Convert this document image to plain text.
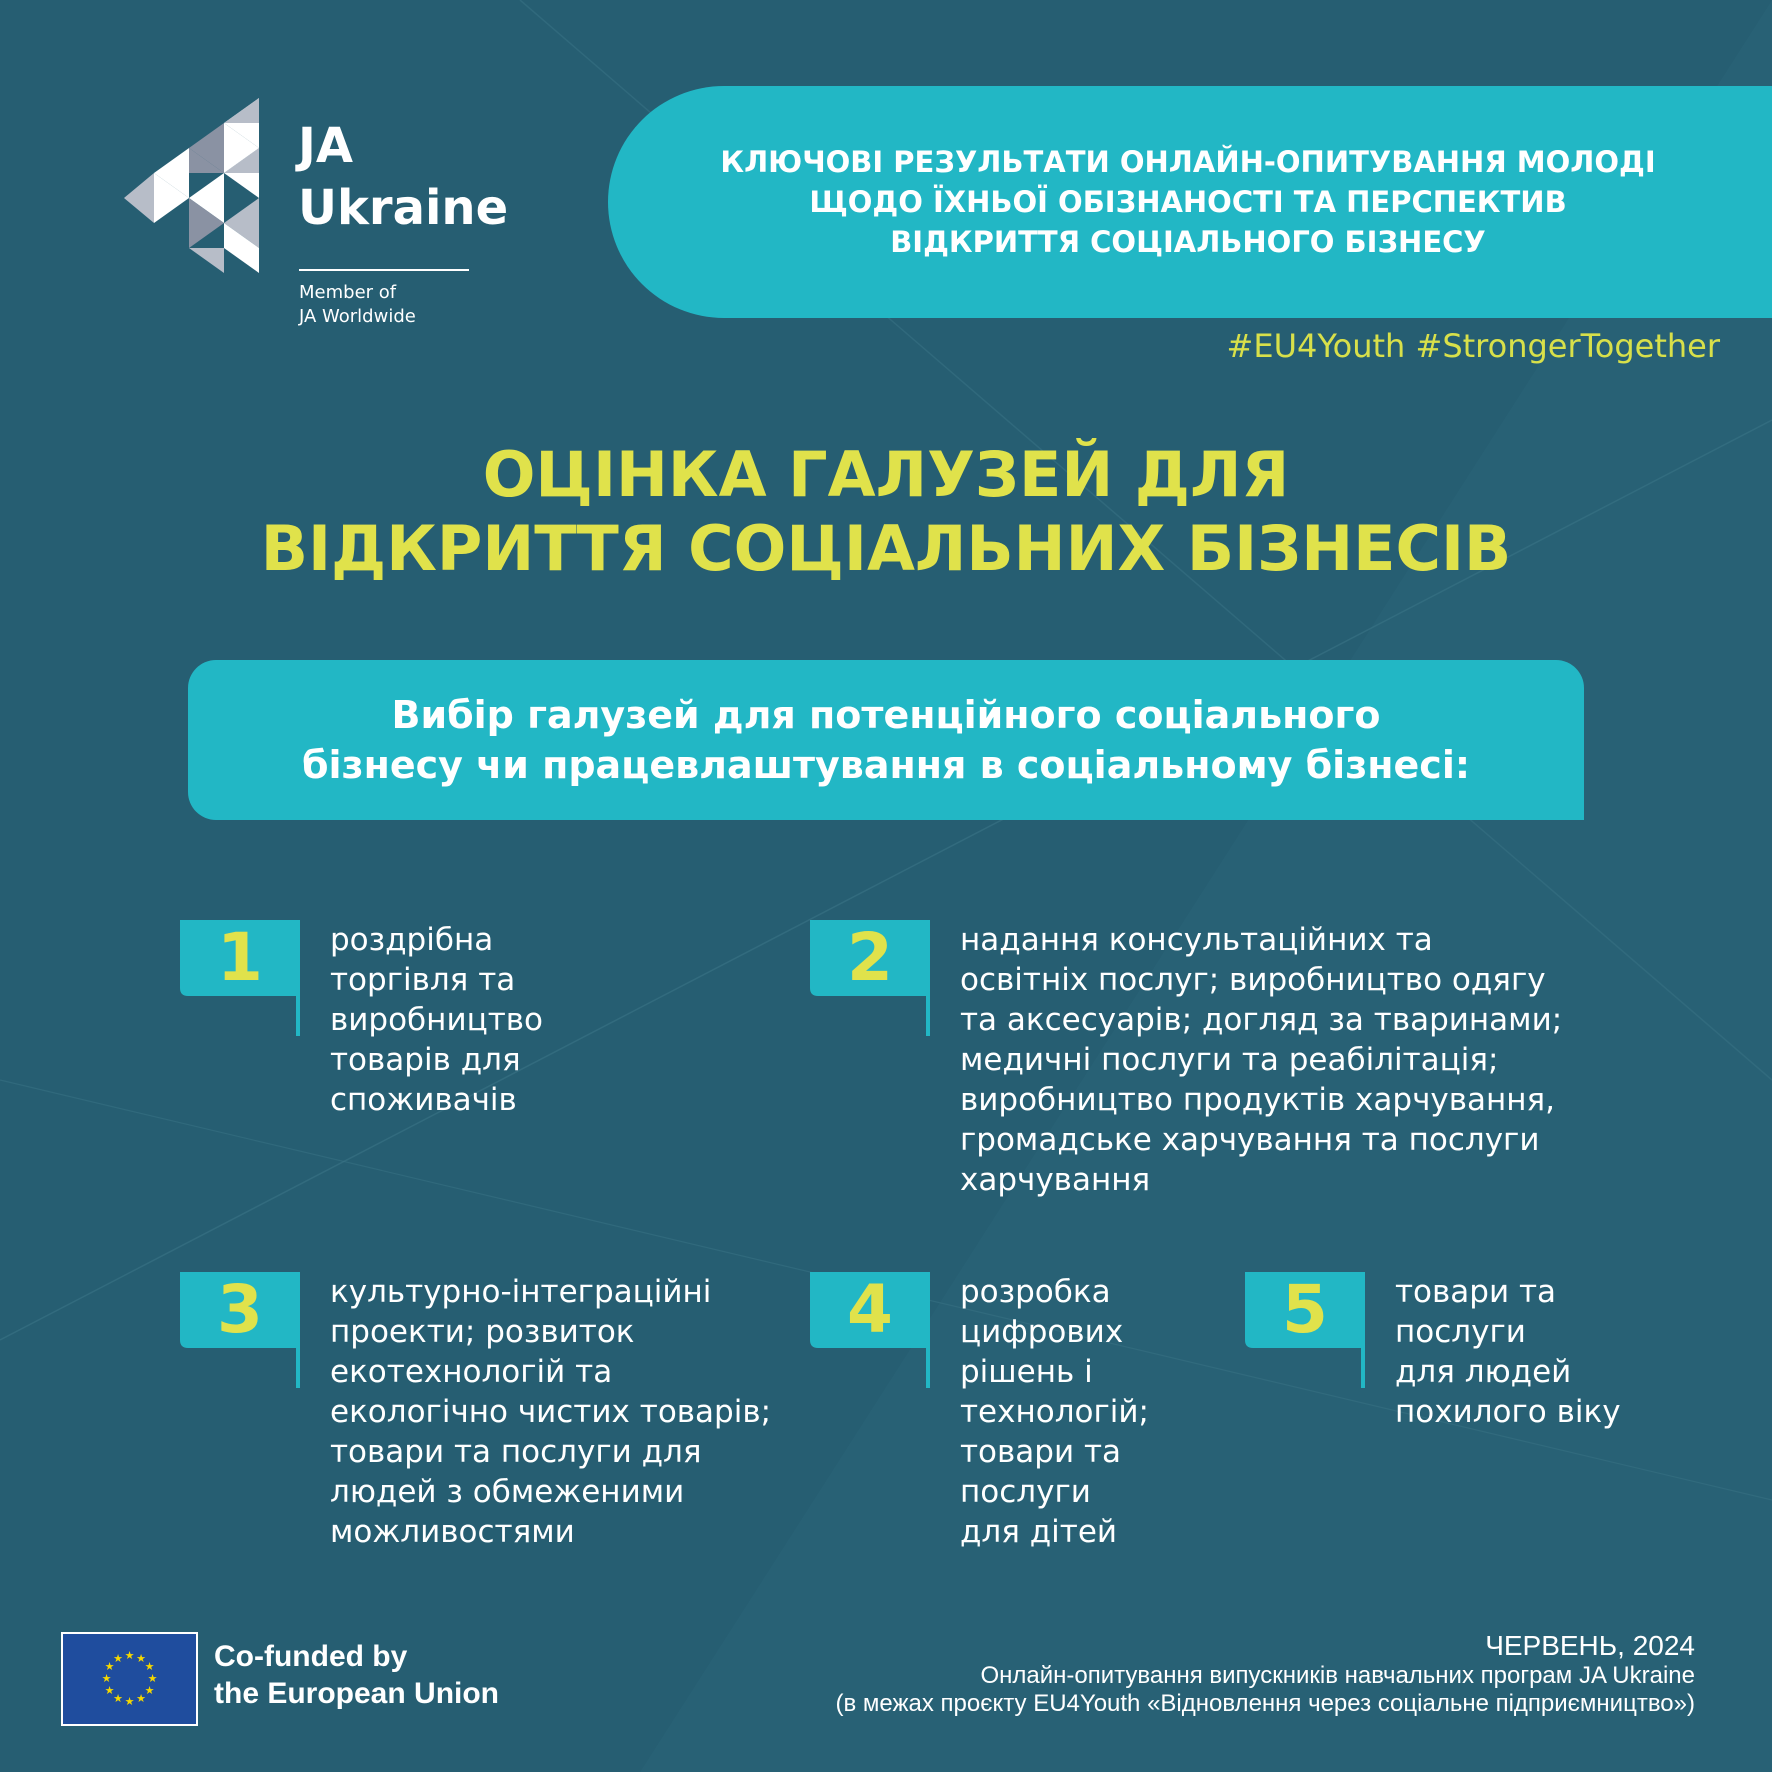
JA
Ukraine
Member of
JA Worldwide
КЛЮЧОВІ РЕЗУЛЬТАТИ ОНЛАЙН-ОПИТУВАННЯ МОЛОДІ
ЩОДО ЇХНЬОЇ ОБІЗНАНОСТІ ТА ПЕРСПЕКТИВ
ВІДКРИТТЯ СОЦІАЛЬНОГО БІЗНЕСУ
#EU4Youth #StrongerTogether
ОЦІНКА ГАЛУЗЕЙ ДЛЯ
ВІДКРИТТЯ СОЦІАЛЬНИХ БІЗНЕСІВ
Вибір галузей для потенційного соціального
бізнесу чи працевлаштування в соціальному бізнесі:
1	роздрібна
торгівля та
виробництво
товарів для
споживачів
2	надання консультаційних та
освітніх послуг; виробництво одягу
та аксесуарів; догляд за тваринами;
медичні послуги та реабілітація;
виробництво продуктів харчування,
громадське харчування та послуги
харчування
3	культурно-інтеграційні
проекти; розвиток
екотехнологій та
екологічно чистих товарів;
товари та послуги для
людей з обмеженими
можливостями
4	розробка
цифрових
рішень і
технологій;
товари та
послуги
для дітей
5	товари та
послуги
для людей
похилого віку
★ ★
★
★
★
★
★
★
★
★
★
★	Co-funded by
the European Union
ЧЕРВЕНЬ, 2024
Онлайн-опитування випускників навчальних програм JA Ukraine
(в межах проєкту EU4Youth «Відновлення через соціальне підприємництво»)
